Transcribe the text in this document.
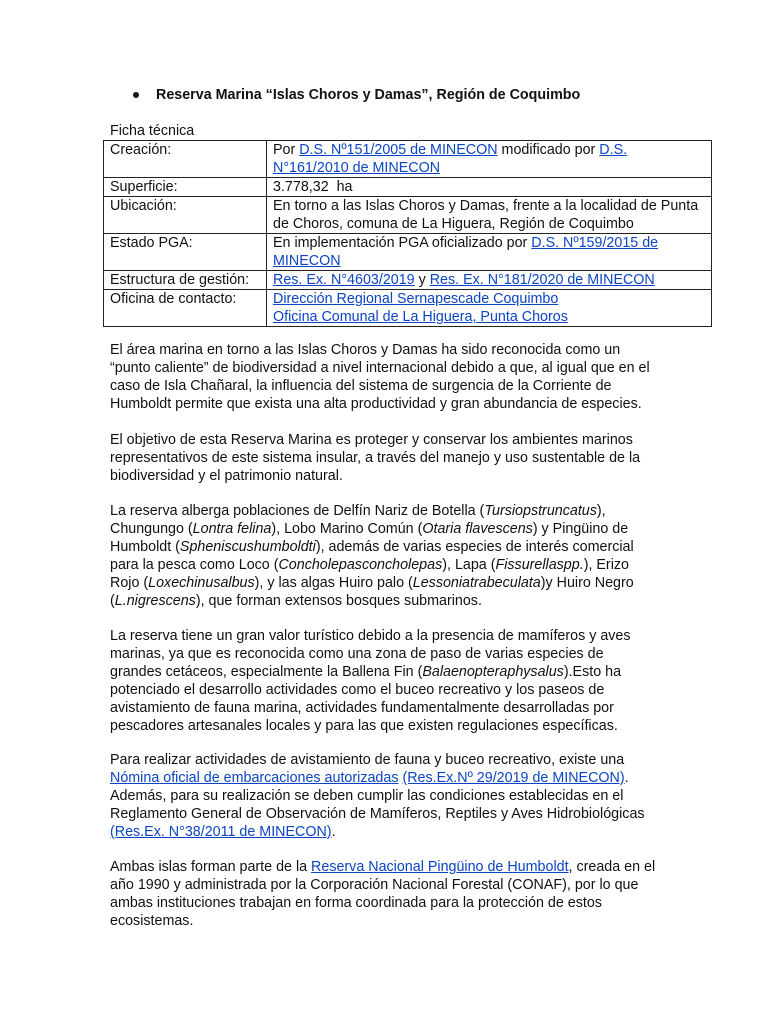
Reserva Marina “Islas Choros y Damas”, Región de Coquimbo
Ficha técnica
Creación:	Por D.S. Nº151/2005 de MINECON modificado por D.S. N°161/2010 de MINECON
Superficie:	3.778,32  ha
Ubicación:	En torno a las Islas Choros y Damas, frente a la localidad de Punta de Choros, comuna de La Higuera, Región de Coquimbo
Estado PGA:	En implementación PGA oficializado por D.S. Nº159/2015 de MINECON
Estructura de gestión:	Res. Ex. N°4603/2019 y Res. Ex. N°181/2020 de MINECON
Oficina de contacto:	Dirección Regional Sernapescade Coquimbo
Oficina Comunal de La Higuera, Punta Choros

El área marina en torno a las Islas Choros y Damas ha sido reconocida como un “punto caliente” de biodiversidad a nivel internacional debido a que, al igual que en el caso de Isla Chañaral, la influencia del sistema de surgencia de la Corriente de Humboldt permite que exista una alta productividad y gran abundancia de especies.

El objetivo de esta Reserva Marina es proteger y conservar los ambientes marinos representativos de este sistema insular, a través del manejo y uso sustentable de la biodiversidad y el patrimonio natural.

La reserva alberga poblaciones de Delfín Nariz de Botella (Tursiopstruncatus), Chungungo (Lontra felina), Lobo Marino Común (Otaria flavescens) y Pingüino de Humboldt (Spheniscushumboldti), además de varias especies de interés comercial para la pesca como Loco (Concholepasconcholepas), Lapa (Fissurellaspp.), Erizo Rojo (Loxechinusalbus), y las algas Huiro palo (Lessoniatrabeculata)y Huiro Negro (L.nigrescens), que forman extensos bosques submarinos.

La reserva tiene un gran valor turístico debido a la presencia de mamíferos y aves marinas, ya que es reconocida como una zona de paso de varias especies de grandes cetáceos, especialmente la Ballena Fin (Balaenopteraphysalus).Esto ha potenciado el desarrollo actividades como el buceo recreativo y los paseos de avistamiento de fauna marina, actividades fundamentalmente desarrolladas por pescadores artesanales locales y para las que existen regulaciones específicas.

Para realizar actividades de avistamiento de fauna y buceo recreativo, existe una Nómina oficial de embarcaciones autorizadas (Res.Ex.Nº 29/2019 de MINECON). Además, para su realización se deben cumplir las condiciones establecidas en el Reglamento General de Observación de Mamíferos, Reptiles y Aves Hidrobiológicas (Res.Ex. N°38/2011 de MINECON).

Ambas islas forman parte de la Reserva Nacional Pingüino de Humboldt, creada en el año 1990 y administrada por la Corporación Nacional Forestal (CONAF), por lo que ambas instituciones trabajan en forma coordinada para la protección de estos ecosistemas.
